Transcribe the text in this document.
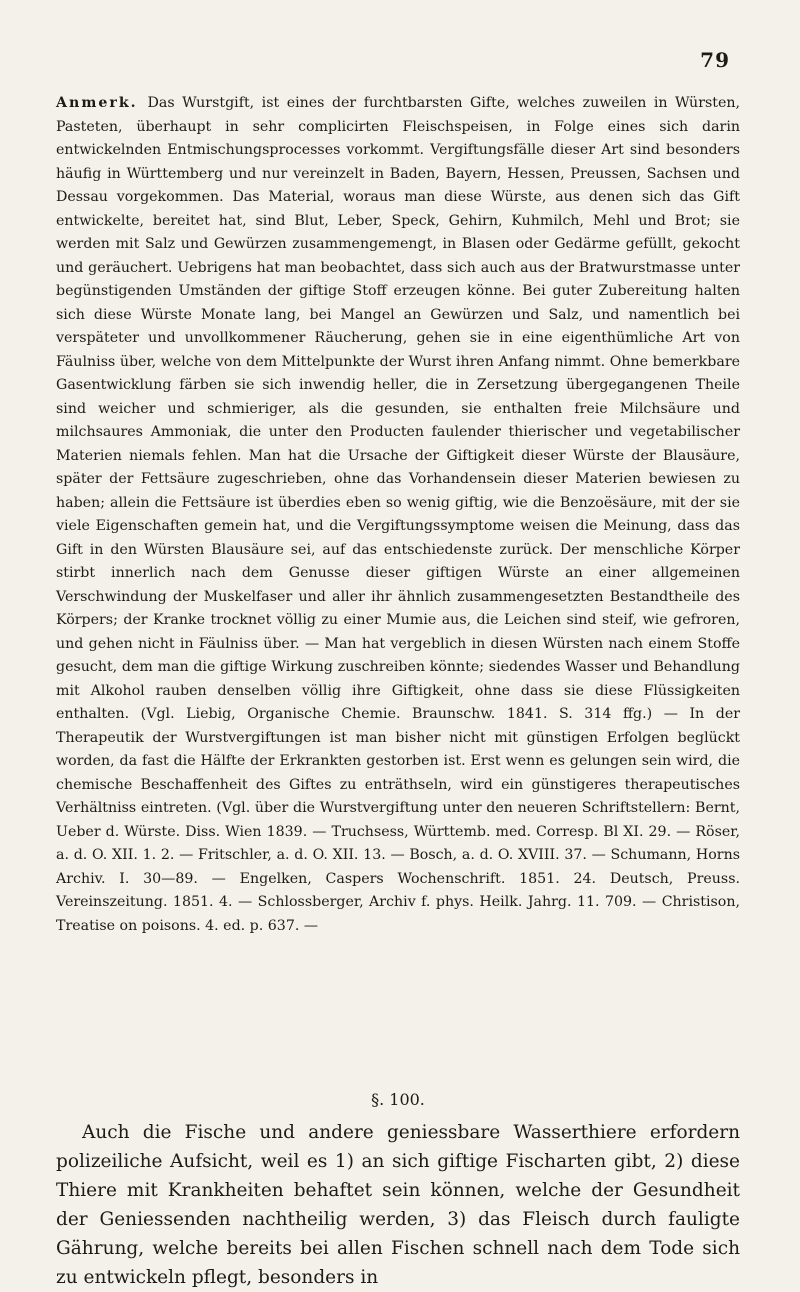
79
Anmerk. Das Wurstgift, ist eines der furchtbarsten Gifte, welches zuweilen in Würsten, Pasteten, überhaupt in sehr complicirten Fleischspeisen, in Folge eines sich darin entwickelnden Entmischungsprocesses vorkommt. Vergiftungsfälle dieser Art sind besonders häufig in Württemberg und nur vereinzelt in Baden, Bayern, Hessen, Preussen, Sachsen und Dessau vorgekommen. Das Material, woraus man diese Würste, aus denen sich das Gift entwickelte, bereitet hat, sind Blut, Leber, Speck, Gehirn, Kuhmilch, Mehl und Brot; sie werden mit Salz und Gewürzen zusammengemengt, in Blasen oder Gedärme gefüllt, gekocht und geräuchert. Uebrigens hat man beobachtet, dass sich auch aus der Bratwurstmasse unter begünstigenden Umständen der giftige Stoff erzeugen könne. Bei guter Zubereitung halten sich diese Würste Monate lang, bei Mangel an Gewürzen und Salz, und namentlich bei verspäteter und unvollkommener Räucherung, gehen sie in eine eigenthümliche Art von Fäulniss über, welche von dem Mittelpunkte der Wurst ihren Anfang nimmt. Ohne bemerkbare Gasentwicklung färben sie sich inwendig heller, die in Zersetzung übergegangenen Theile sind weicher und schmieriger, als die gesunden, sie enthalten freie Milchsäure und milchsaures Ammoniak, die unter den Producten faulender thierischer und vegetabilischer Materien niemals fehlen. Man hat die Ursache der Giftigkeit dieser Würste der Blausäure, später der Fettsäure zugeschrieben, ohne das Vorhandensein dieser Materien bewiesen zu haben; allein die Fettsäure ist überdies eben so wenig giftig, wie die Benzoësäure, mit der sie viele Eigenschaften gemein hat, und die Vergiftungssymptome weisen die Meinung, dass das Gift in den Würsten Blausäure sei, auf das entschiedenste zurück. Der menschliche Körper stirbt innerlich nach dem Genusse dieser giftigen Würste an einer allgemeinen Verschwindung der Muskelfaser und aller ihr ähnlich zusammengesetzten Bestandtheile des Körpers; der Kranke trocknet völlig zu einer Mumie aus, die Leichen sind steif, wie gefroren, und gehen nicht in Fäulniss über. — Man hat vergeblich in diesen Würsten nach einem Stoffe gesucht, dem man die giftige Wirkung zuschreiben könnte; siedendes Wasser und Behandlung mit Alkohol rauben denselben völlig ihre Giftigkeit, ohne dass sie diese Flüssigkeiten enthalten. (Vgl. Liebig, Organische Chemie. Braunschw. 1841. S. 314 ffg.) — In der Therapeutik der Wurstvergiftungen ist man bisher nicht mit günstigen Erfolgen beglückt worden, da fast die Hälfte der Erkrankten gestorben ist. Erst wenn es gelungen sein wird, die chemische Beschaffenheit des Giftes zu enträthseln, wird ein günstigeres therapeutisches Verhältniss eintreten. (Vgl. über die Wurstvergiftung unter den neueren Schriftstellern: Bernt, Ueber d. Würste. Diss. Wien 1839. — Truchsess, Württemb. med. Corresp. Bl XI. 29. — Röser, a. d. O. XII. 1. 2. — Fritschler, a. d. O. XII. 13. — Bosch, a. d. O. XVIII. 37. — Schumann, Horns Archiv. I. 30—89. — Engelken, Caspers Wochenschrift. 1851. 24. Deutsch, Preuss. Vereinszeitung. 1851. 4. — Schlossberger, Archiv f. phys. Heilk. Jahrg. 11. 709. — Christison, Treatise on poisons. 4. ed. p. 637. —
§. 100.
Auch die Fische und andere geniessbare Wasserthiere erfordern polizeiliche Aufsicht, weil es 1) an sich giftige Fischarten gibt, 2) diese Thiere mit Krankheiten behaftet sein können, welche der Gesundheit der Geniessenden nachtheilig werden, 3) das Fleisch durch fauligte Gährung, welche bereits bei allen Fischen schnell nach dem Tode sich zu entwickeln pflegt, besonders in
